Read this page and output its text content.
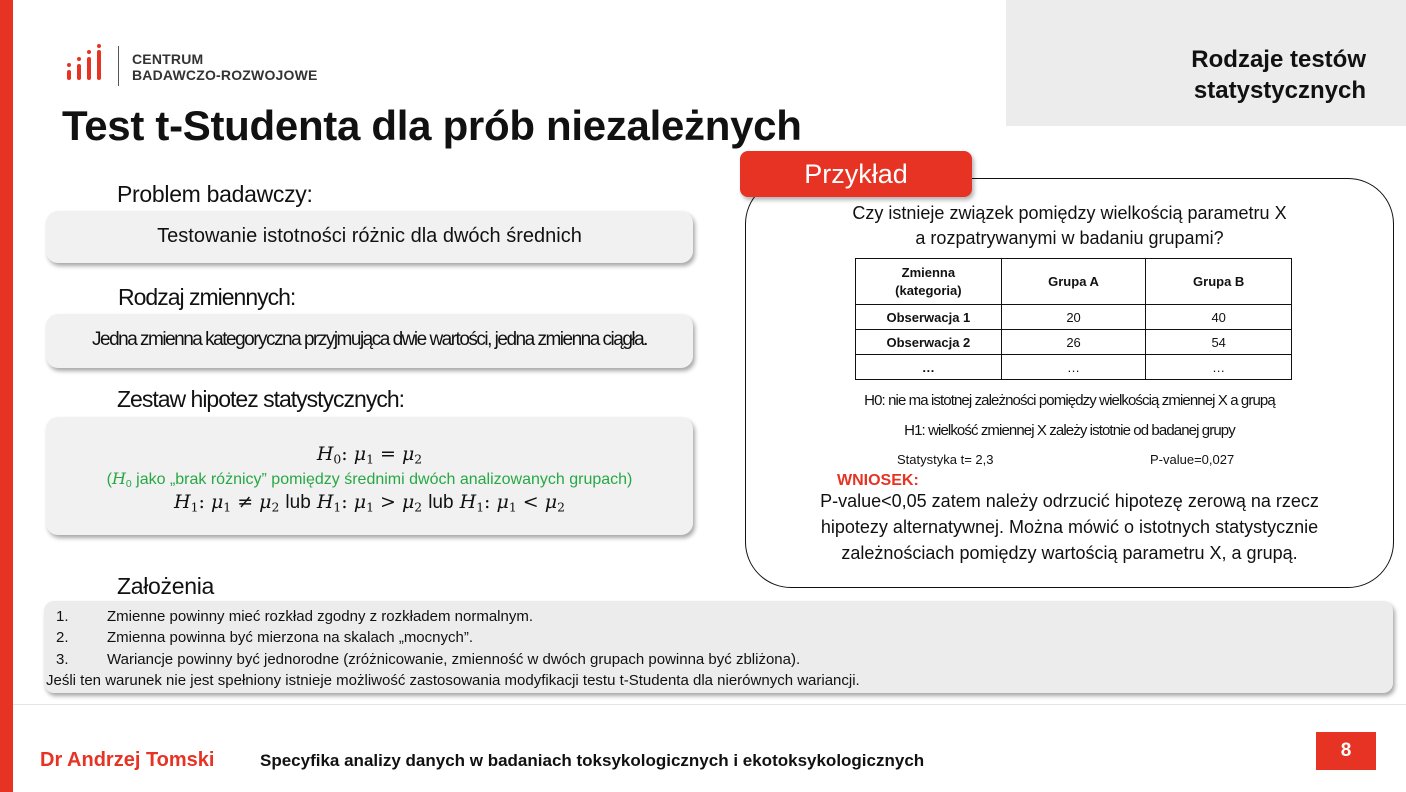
CENTRUM
BADAWCZO-ROZWOJOWE
Rodzaje testów
statystycznych
Test t-Studenta dla prób niezależnych
Problem badawczy:
Testowanie istotności różnic dla dwóch średnich
Rodzaj zmiennych:
Jedna zmienna kategoryczna przyjmująca dwie wartości, jedna zmienna ciągła.
Zestaw hipotez statystycznych:
$H_0$: $\mu_1 = \mu_2$
($H_0$ jako „brak różnicy” pomiędzy średnimi dwóch analizowanych grupach)
$H_1$: $\mu_1 \ne \mu_2$ lub $H_1$: $\mu_1 > \mu_2$ lub $H_1$: $\mu_1 < \mu_2$
Założenia
Przykład
Czy istnieje związek pomiędzy wielkością parametru X
a rozpatrywanymi w badaniu grupami?
Zmienna
(kategoria)	Grupa A	Grupa B
Obserwacja 1	20	40
Obserwacja 2	26	54
…	…	…
H0: nie ma istotnej zależności pomiędzy wielkością zmiennej X a grupą
H1: wielkość zmiennej X zależy istotnie od badanej grupy
Statystyka t= 2,3	P-value=0,027
WNIOSEK:
P-value<0,05 zatem należy odrzucić hipotezę zerową na rzecz
hipotezy alternatywnej. Można mówić o istotnych statystycznie
zależnościach pomiędzy wartością parametru X, a grupą.
1.	Zmienne powinny mieć rozkład zgodny z rozkładem normalnym.
2.	Zmienna powinna być mierzona na skalach „mocnych”.
3.	Wariancje powinny być jednorodne (zróżnicowanie, zmienność w dwóch grupach powinna być zbliżona).
Jeśli ten warunek nie jest spełniony istnieje możliwość zastosowania modyfikacji testu t-Studenta dla nierównych wariancji.
Dr Andrzej Tomski	Specyfika analizy danych w badaniach toksykologicznych i ekotoksykologicznych	8
